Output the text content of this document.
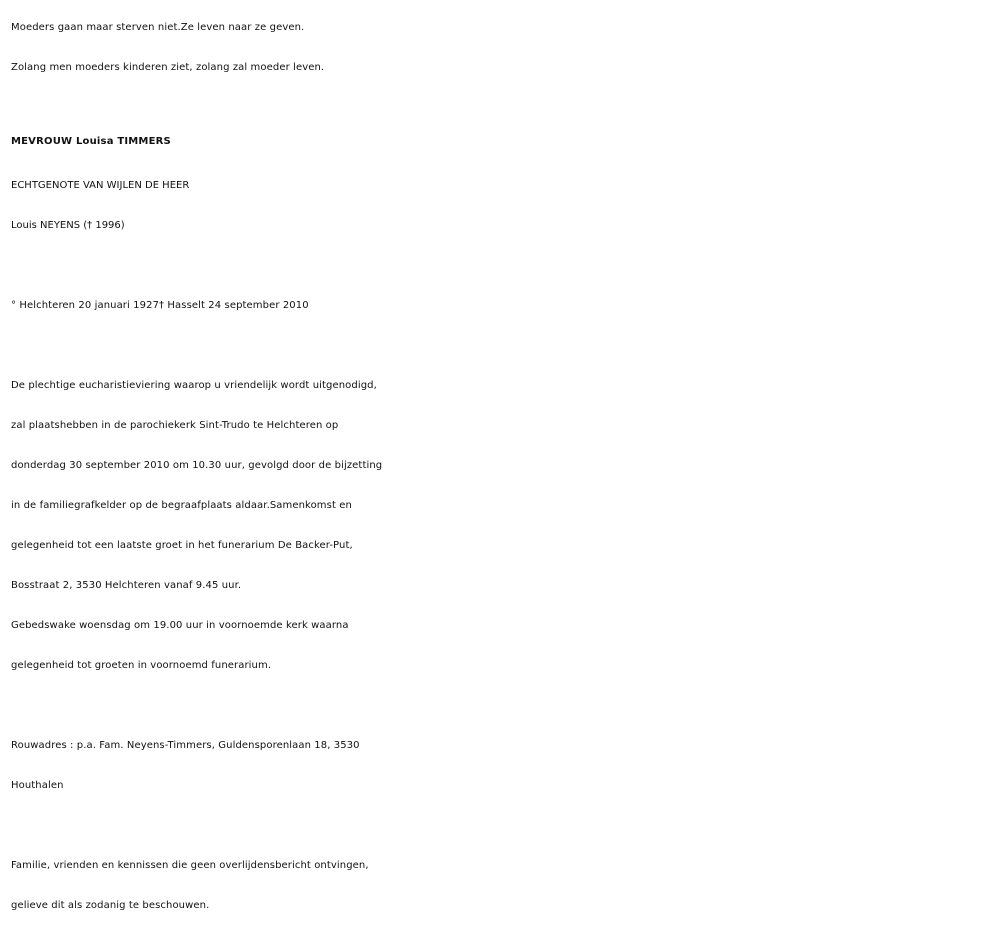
Moeders gaan maar sterven niet.Ze leven naar ze geven.
Zolang men moeders kinderen ziet, zolang zal moeder leven.
MEVROUW Louisa TIMMERS
ECHTGENOTE VAN WIJLEN DE HEER
Louis NEYENS († 1996)
° Helchteren 20 januari 1927† Hasselt 24 september 2010
De plechtige eucharistieviering waarop u vriendelijk wordt uitgenodigd,
zal plaatshebben in de parochiekerk Sint-Trudo te Helchteren op
donderdag 30 september 2010 om 10.30 uur, gevolgd door de bijzetting
in de familiegrafkelder op de begraafplaats aldaar.Samenkomst en
gelegenheid tot een laatste groet in het funerarium De Backer-Put,
Bosstraat 2, 3530 Helchteren vanaf 9.45 uur.
Gebedswake woensdag om 19.00 uur in voornoemde kerk waarna
gelegenheid tot groeten in voornoemd funerarium.
Rouwadres : p.a. Fam. Neyens-Timmers, Guldensporenlaan 18, 3530
Houthalen
Familie, vrienden en kennissen die geen overlijdensbericht ontvingen,
gelieve dit als zodanig te beschouwen.
